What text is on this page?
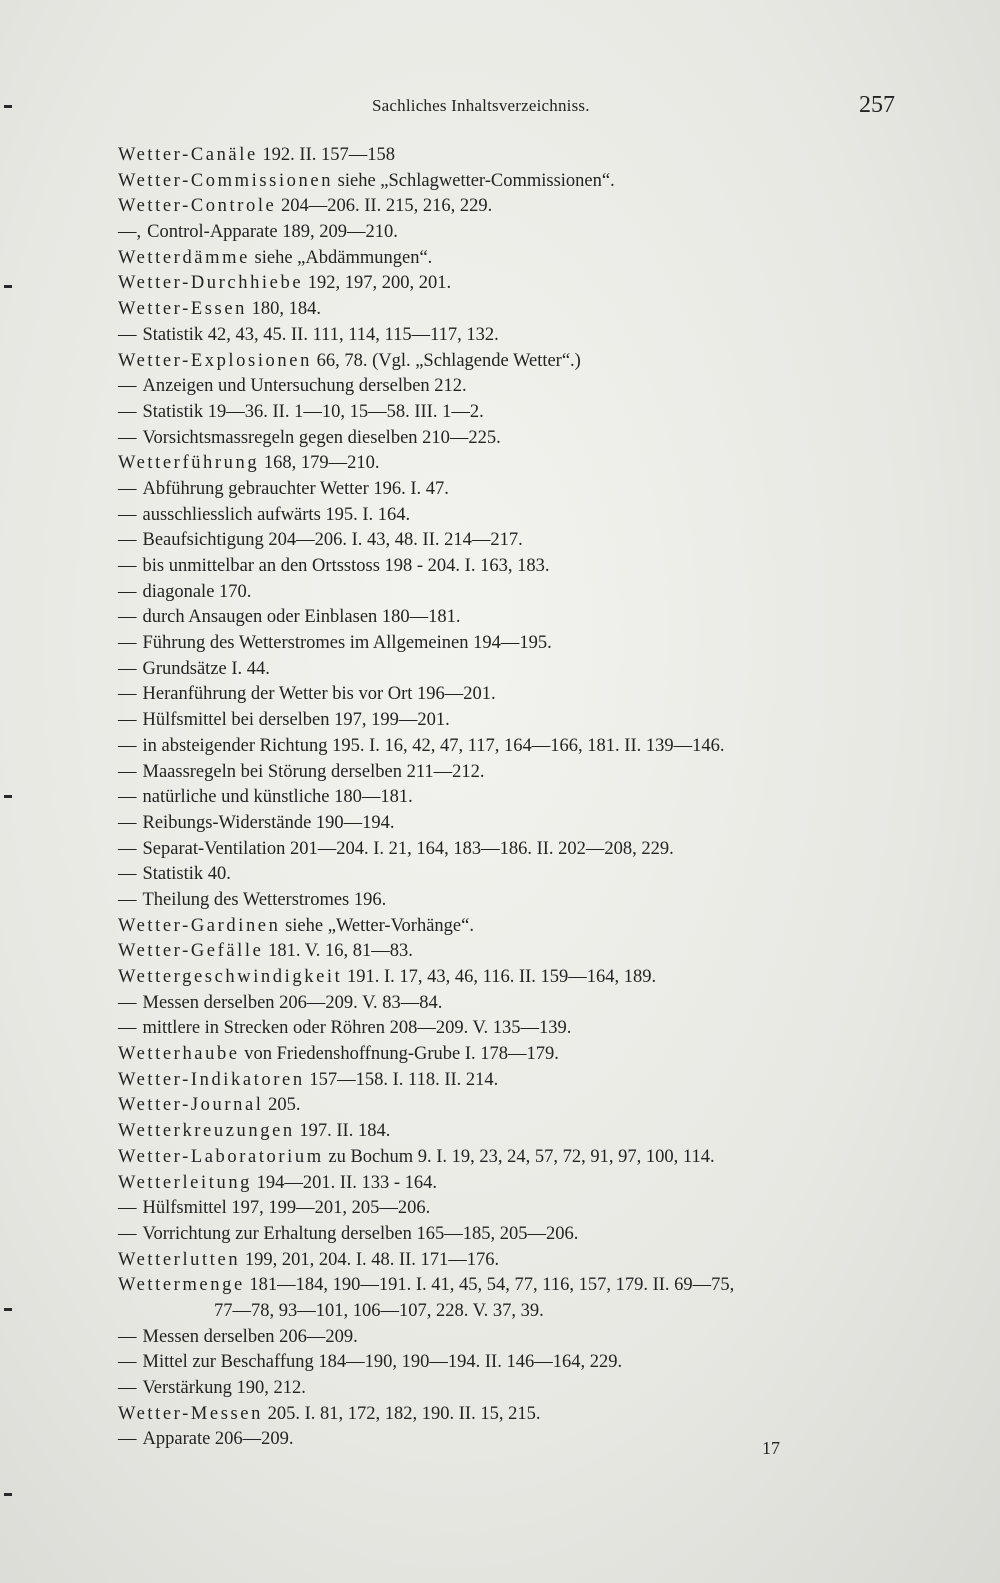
Sachliches Inhaltsverzeichniss.	257
Wetter-Canäle 192. II. 157—158
Wetter-Commissionen siehe „Schlagwetter-Commissionen“.
Wetter-Controle 204—206. II. 215, 216, 229.
—, Control-Apparate 189, 209—210.
Wetterdämme siehe „Abdämmungen“.
Wetter-Durchhiebe 192, 197, 200, 201.
Wetter-Essen 180, 184.
— Statistik 42, 43, 45. II. 111, 114, 115—117, 132.
Wetter-Explosionen 66, 78. (Vgl. „Schlagende Wetter“.)
— Anzeigen und Untersuchung derselben 212.
— Statistik 19—36. II. 1—10, 15—58. III. 1—2.
— Vorsichtsmassregeln gegen dieselben 210—225.
Wetterführung 168, 179—210.
— Abführung gebrauchter Wetter 196. I. 47.
— ausschliesslich aufwärts 195. I. 164.
— Beaufsichtigung 204—206. I. 43, 48. II. 214—217.
— bis unmittelbar an den Ortsstoss 198 - 204. I. 163, 183.
— diagonale 170.
— durch Ansaugen oder Einblasen 180—181.
— Führung des Wetterstromes im Allgemeinen 194—195.
— Grundsätze I. 44.
— Heranführung der Wetter bis vor Ort 196—201.
— Hülfsmittel bei derselben 197, 199—201.
— in absteigender Richtung 195. I. 16, 42, 47, 117, 164—166, 181. II. 139—146.
— Maassregeln bei Störung derselben 211—212.
— natürliche und künstliche 180—181.
— Reibungs-Widerstände 190—194.
— Separat-Ventilation 201—204. I. 21, 164, 183—186. II. 202—208, 229.
— Statistik 40.
— Theilung des Wetterstromes 196.
Wetter-Gardinen siehe „Wetter-Vorhänge“.
Wetter-Gefälle 181. V. 16, 81—83.
Wettergeschwindigkeit 191. I. 17, 43, 46, 116. II. 159—164, 189.
— Messen derselben 206—209. V. 83—84.
— mittlere in Strecken oder Röhren 208—209. V. 135—139.
Wetterhaube von Friedenshoffnung-Grube I. 178—179.
Wetter-Indikatoren 157—158. I. 118. II. 214.
Wetter-Journal 205.
Wetterkreuzungen 197. II. 184.
Wetter-Laboratorium zu Bochum 9. I. 19, 23, 24, 57, 72, 91, 97, 100, 114.
Wetterleitung 194—201. II. 133 - 164.
— Hülfsmittel 197, 199—201, 205—206.
— Vorrichtung zur Erhaltung derselben 165—185, 205—206.
Wetterlutten 199, 201, 204. I. 48. II. 171—176.
Wettermenge 181—184, 190—191. I. 41, 45, 54, 77, 116, 157, 179. II. 69—75,
77—78, 93—101, 106—107, 228. V. 37, 39.
— Messen derselben 206—209.
— Mittel zur Beschaffung 184—190, 190—194. II. 146—164, 229.
— Verstärkung 190, 212.
Wetter-Messen 205. I. 81, 172, 182, 190. II. 15, 215.
— Apparate 206—209.	17
